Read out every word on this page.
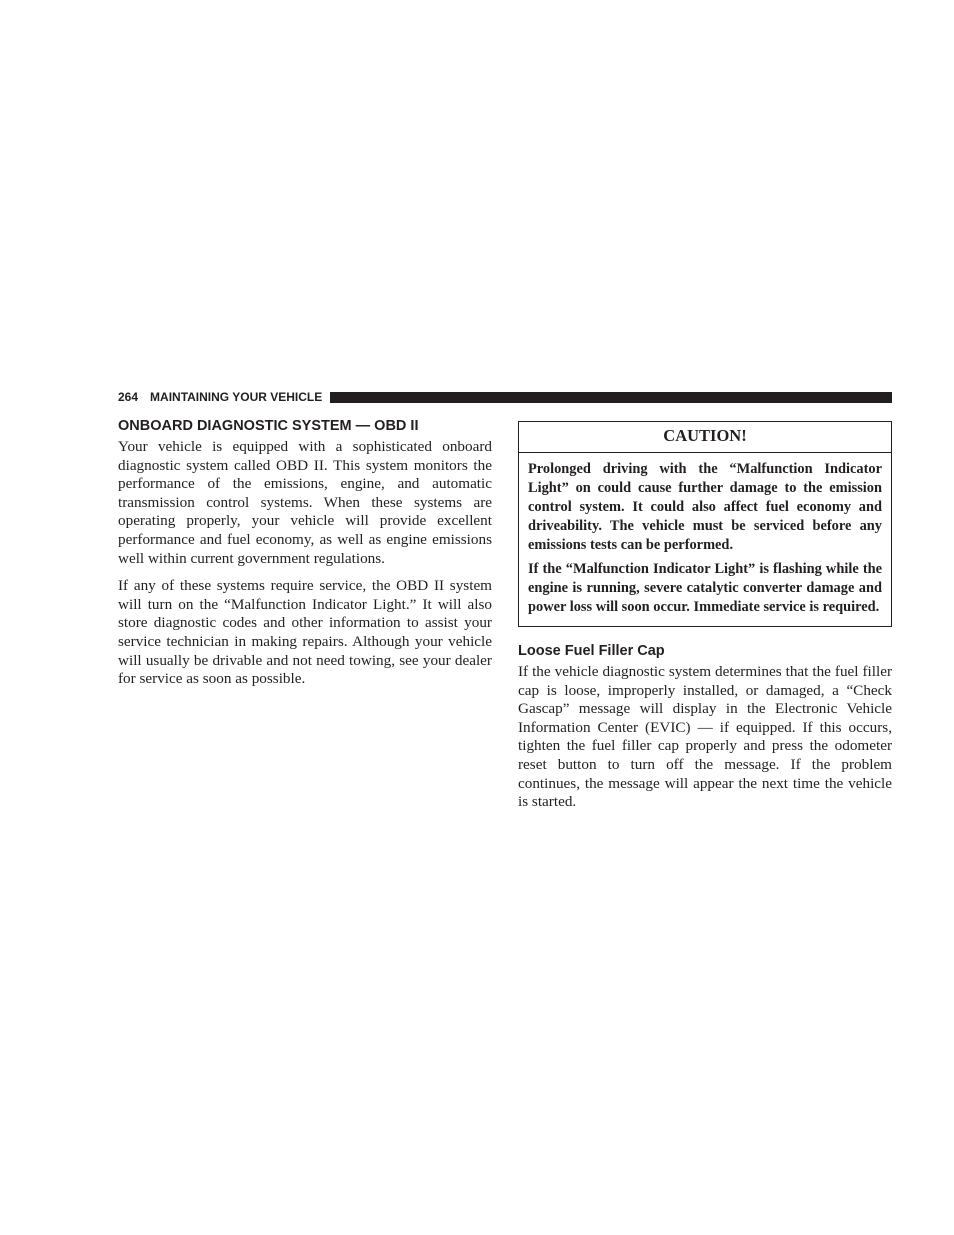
264 MAINTAINING YOUR VEHICLE
ONBOARD DIAGNOSTIC SYSTEM — OBD II

Your vehicle is equipped with a sophisticated onboard diagnostic system called OBD II. This system monitors the performance of the emissions, engine, and automatic transmission control systems. When these systems are operating properly, your vehicle will provide excellent performance and fuel economy, as well as engine emissions well within current government regulations.

If any of these systems require service, the OBD II system will turn on the “Malfunction Indicator Light.” It will also store diagnostic codes and other information to assist your service technician in making repairs. Although your vehicle will usually be drivable and not need towing, see your dealer for service as soon as possible.

CAUTION!

Prolonged driving with the “Malfunction Indicator Light” on could cause further damage to the emission control system. It could also affect fuel economy and driveability. The vehicle must be serviced before any emissions tests can be performed.

If the “Malfunction Indicator Light” is flashing while the engine is running, severe catalytic converter damage and power loss will soon occur. Immediate service is required.

Loose Fuel Filler Cap

If the vehicle diagnostic system determines that the fuel filler cap is loose, improperly installed, or damaged, a “Check Gascap” message will display in the Electronic Vehicle Information Center (EVIC) — if equipped. If this occurs, tighten the fuel filler cap properly and press the odometer reset button to turn off the message. If the problem continues, the message will appear the next time the vehicle is started.
